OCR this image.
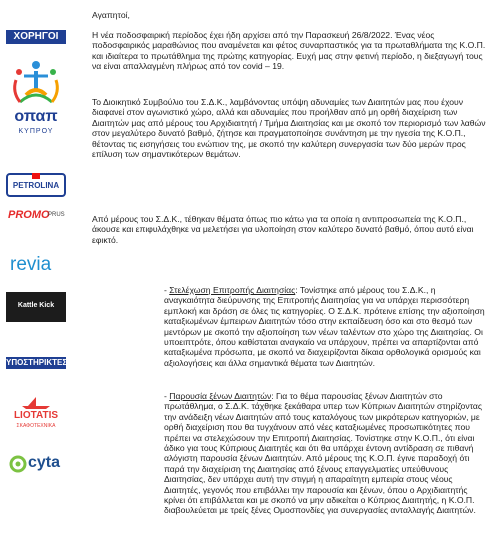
ΧΟΡΗΓΟΙ
οπαπ
ΚΥΠΡΟΥ
PETROLINA
PROMO
PRUS
revia
Kattle Kick
ΥΠΟΣΤΗΡΙΚΤΕΣ
LIOTATIS
ΣΚΑΦΟΤΕΧΝΙΚΑ
cyta

Αγαπητοί,

Η νέα ποδοσφαιρική περίοδος έχει ήδη αρχίσει από την Παρασκευή 26/8/2022. Ένας νέος ποδοσφαιρικός μαραθώνιος που αναμένεται και φέτος συναρπαστικός για τα πρωταθλήματα της Κ.Ο.Π. και ιδιαίτερα το πρωτάθλημα της πρώτης κατηγορίας. Ευχή μας στην φετινή περίοδο, η διεξαγωγή τους να είναι απαλλαγμένη πλήρως από τον covid – 19.

Το Διοικητικό Συμβούλιο του Σ.Δ.Κ., λαμβάνοντας υπόψη αδυναμίες των Διαιτητών μας που έχουν διαφανεί στον αγωνιστικό χώρο, αλλά και αδυναμίες που προήλθαν από μη ορθή διαχείριση των Διαιτητών μας από μέρους του Αρχιδιαιτητή / Τμήμα Διαιτησίας και με σκοπό τον περιορισμό των λαθών στον μεγαλύτερο δυνατό βαθμό, ζήτησε και πραγματοποίησε συνάντηση με την ηγεσία της Κ.Ο.Π., θέτοντας τις εισηγήσεις του ενώπιον της, με σκοπό την καλύτερη συνεργασία των δύο μερών προς επίλυση των σημαντικότερων θεμάτων.

Από μέρους του Σ.Δ.Κ., τέθηκαν θέματα όπως πιο κάτω για τα οποία η αντιπροσωπεία της Κ.Ο.Π., άκουσε και επιφυλάχθηκε να μελετήσει για υλοποίηση στον καλύτερο δυνατό βαθμό, όπου αυτό είναι εφικτό.

- Στελέχωση Επιτροπής Διαιτησίας: Τονίστηκε από μέρους του Σ.Δ.Κ., η αναγκαιότητα διεύρυνσης της Επιτροπής Διαιτησίας για να υπάρχει περισσότερη εμπλοκή και δράση σε όλες τις κατηγορίες. Ο Σ.Δ.Κ. πρότεινε επίσης την αξιοποίηση καταξιωμένων έμπειρων Διαιτητών τόσο στην εκπαίδευση όσο και στο θεσμό των μεντόρων με σκοπό την αξιοποίηση των νέων ταλέντων στο χώρο της Διαιτησίας. Οι υποειπτρότε, όπου καθίσταται αναγκαίο να υπάρχουν, πρέπει να απαρτίζονται από καταξιωμένα πρόσωπα, με σκοπό να διαχειρίζονται δίκαια ορθολογικά ορισμούς και αξιολογήσεις και άλλα σημαντικά θέματα των Διαιτητών.

- Παρουσία ξένων Διαιτητών: Για το θέμα παρουσίας ξένων Διαιτητών στο πρωτάθλημα, ο Σ.Δ.Κ. τάχθηκε ξεκάθαρα υπερ των Κύπριων Διαιτητών στηρίζοντας την ανάδειξη νέων Διαιτητών από τους καταλόγους των μικρότερων κατηγοριών, με ορθή διαχείριση που θα τυγχάνουν από νέες καταξιωμένες προσωπικότητες που πρέπει να στελεχώσουν την Επιτροπή Διαιτησίας. Τονίστηκε στην Κ.Ο.Π., ότι είναι άδικο για τους Κύπριους Διαιτητές και ότι θα υπάρχει έντονη αντίδραση σε πιθανή αλόγιστη παρουσία ξένων Διαιτητών. Από μέρους της Κ.Ο.Π. έγινε παραδοχή ότι παρά την διαχείριση της Διαιτησίας από ξένους επαγγελματίες υπεύθυνους Διαιτησίας, δεν υπάρχει αυτή την στιγμή η απαραίτητη εμπειρία στους νέους Διαιτητές, γεγονός που επιβάλλει την παρουσία και ξένων, όπου ο Αρχιδιαιτητής κρίνει ότι επιβάλλεται και με σκοπό να μην αδικείται ο Κύπριος Διαιτητής, η Κ.Ο.Π. διαβουλεύεται με τρείς ξένες Ομοσπονδίες για συνεργασίες ανταλλαγής Διαιτητών.
